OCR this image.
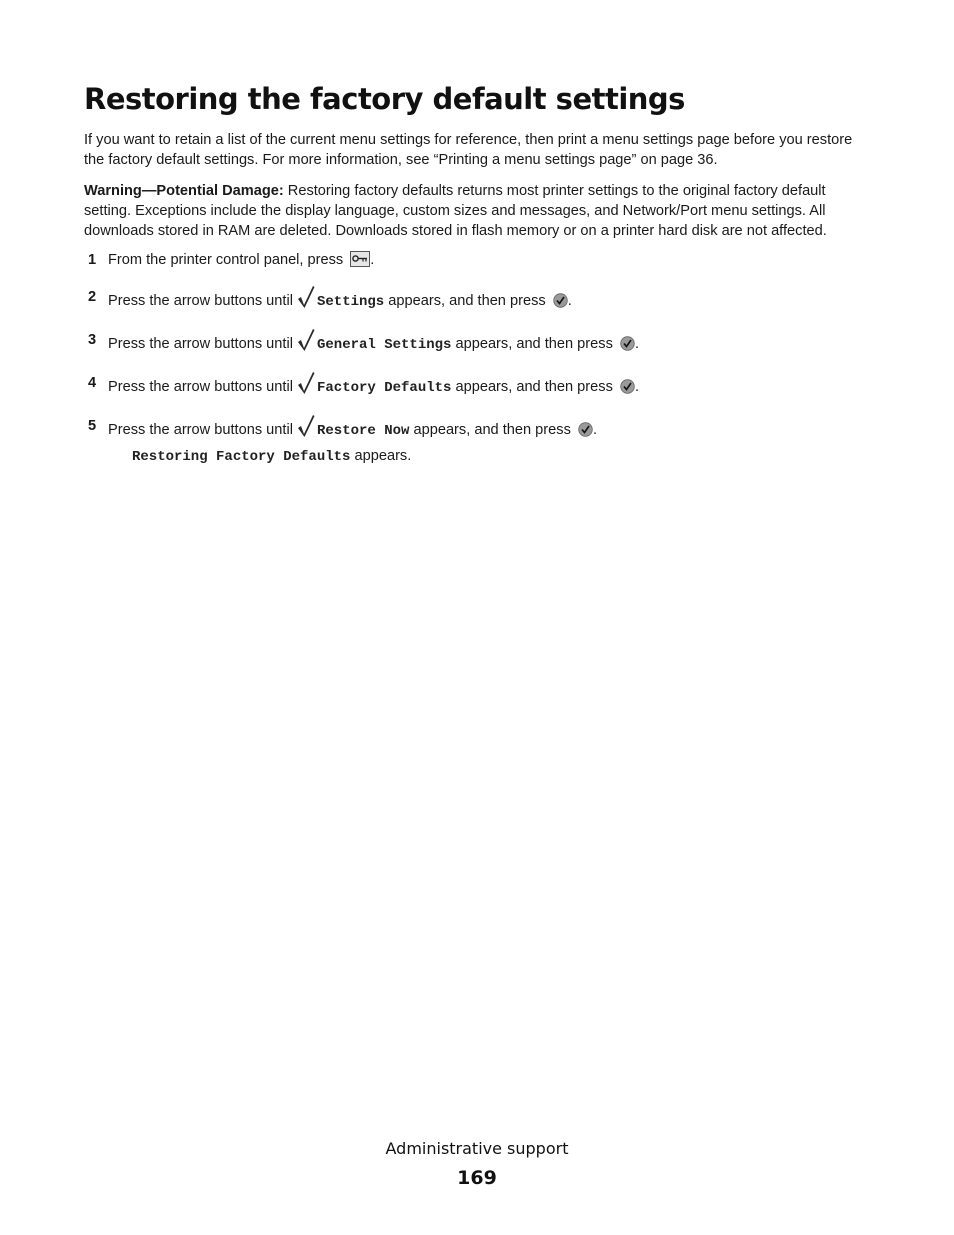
Restoring the factory default settings

If you want to retain a list of the current menu settings for reference, then print a menu settings page before you restore the factory default settings. For more information, see “Printing a menu settings page” on page 36.

Warning—Potential Damage: Restoring factory defaults returns most printer settings to the original factory default setting. Exceptions include the display language, custom sizes and messages, and Network/Port menu settings. All downloads stored in RAM are deleted. Downloads stored in flash memory or on a printer hard disk are not affected.

1 From the printer control panel, press .
2 Press the arrow buttons until Settings appears, and then press .
3 Press the arrow buttons until General Settings appears, and then press .
4 Press the arrow buttons until Factory Defaults appears, and then press .
5 Press the arrow buttons until Restore Now appears, and then press .
Restoring Factory Defaults appears.
Administrative support
169
